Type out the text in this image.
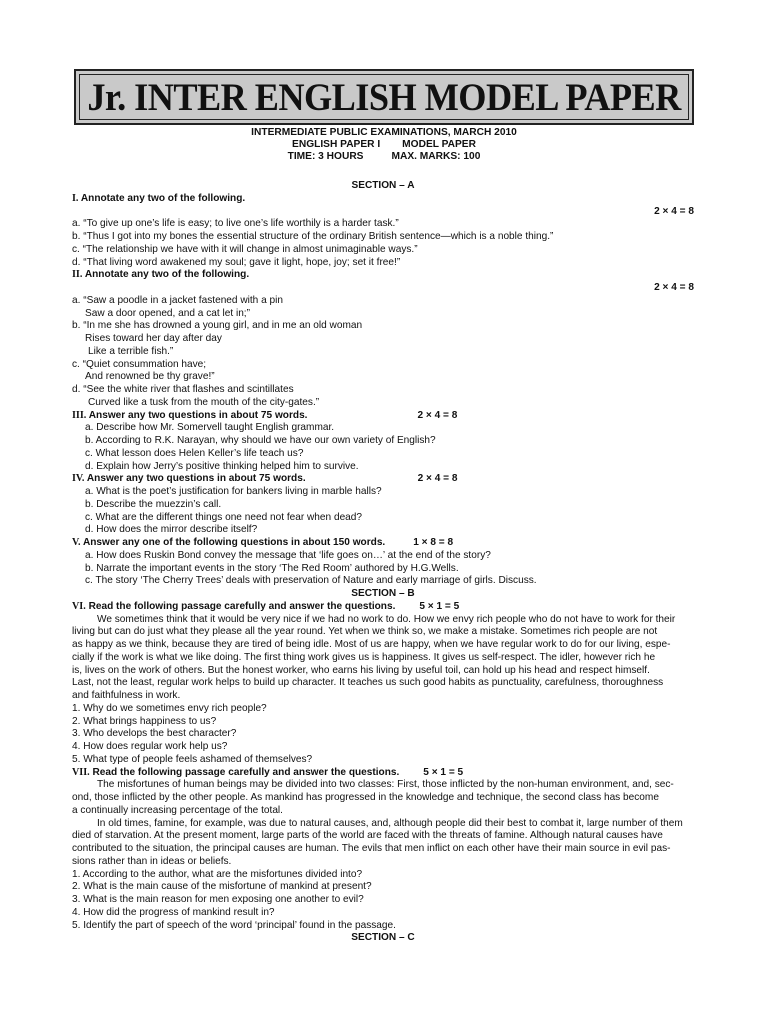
Jr. INTER ENGLISH MODEL PAPER
INTERMEDIATE PUBLIC EXAMINATIONS, MARCH 2010
ENGLISH PAPER I MODEL PAPER
TIME: 3 HOURS	MAX. MARKS: 100
SECTION – A
I. Annotate any two of the following.
2 × 4 = 8
a. “To give up one’s life is easy; to live one’s life worthily is a harder task.”
b. “Thus I got into my bones the essential structure of the ordinary British sentence—which is a noble thing.”
c. “The relationship we have with it will change in almost unimaginable ways.”
d. “That living word awakened my soul; gave it light, hope, joy; set it free!”
II. Annotate any two of the following.
2 × 4 = 8
a. “Saw a poodle in a jacket fastened with a pin
Saw a door opened, and a cat let in;”
b. “In me she has drowned a young girl, and in me an old woman
Rises toward her day after day
Like a terrible fish.”
c. “Quiet consummation have;
And renowned be thy grave!”
d. “See the white river that flashes and scintillates
Curved like a tusk from the mouth of the city-gates.”
III. Answer any two questions in about 75 words.	2 × 4 = 8
a. Describe how Mr. Somervell taught English grammar.
b. According to R.K. Narayan, why should we have our own variety of English?
c. What lesson does Helen Keller’s life teach us?
d. Explain how Jerry’s positive thinking helped him to survive.
IV. Answer any two questions in about 75 words.	2 × 4 = 8
a. What is the poet’s justification for bankers living in marble halls?
b. Describe the muezzin’s call.
c. What are the different things one need not fear when dead?
d. How does the mirror describe itself?
V. Answer any one of the following questions in about 150 words.	1 × 8 = 8
a. How does Ruskin Bond convey the message that ‘life goes on…’ at the end of the story?
b. Narrate the important events in the story ‘The Red Room’ authored by H.G.Wells.
c. The story ‘The Cherry Trees’ deals with preservation of Nature and early marriage of girls. Discuss.
SECTION – B
VI. Read the following passage carefully and answer the questions. 5 × 1 = 5
We sometimes think that it would be very nice if we had no work to do. How we envy rich people who do not have to work for their
living but can do just what they please all the year round. Yet when we think so, we make a mistake. Sometimes rich people are not
as happy as we think, because they are tired of being idle. Most of us are happy, when we have regular work to do for our living, espe-
cially if the work is what we like doing. The first thing work gives us is happiness. It gives us self-respect. The idler, however rich he
is, lives on the work of others. But the honest worker, who earns his living by useful toil, can hold up his head and respect himself.
Last, not the least, regular work helps to build up character. It teaches us such good habits as punctuality, carefulness, thoroughness
and faithfulness in work.
1. Why do we sometimes envy rich people?
2. What brings happiness to us?
3. Who develops the best character?
4. How does regular work help us?
5. What type of people feels ashamed of themselves?
VII. Read the following passage carefully and answer the questions. 5 × 1 = 5
The misfortunes of human beings may be divided into two classes: First, those inflicted by the non-human environment, and, sec-
ond, those inflicted by the other people. As mankind has progressed in the knowledge and technique, the second class has become
a continually increasing percentage of the total.
In old times, famine, for example, was due to natural causes, and, although people did their best to combat it, large number of them
died of starvation. At the present moment, large parts of the world are faced with the threats of famine. Although natural causes have
contributed to the situation, the principal causes are human. The evils that men inflict on each other have their main source in evil pas-
sions rather than in ideas or beliefs.
1. According to the author, what are the misfortunes divided into?
2. What is the main cause of the misfortune of mankind at present?
3. What is the main reason for men exposing one another to evil?
4. How did the progress of mankind result in?
5. Identify the part of speech of the word ‘principal’ found in the passage.
SECTION – C
